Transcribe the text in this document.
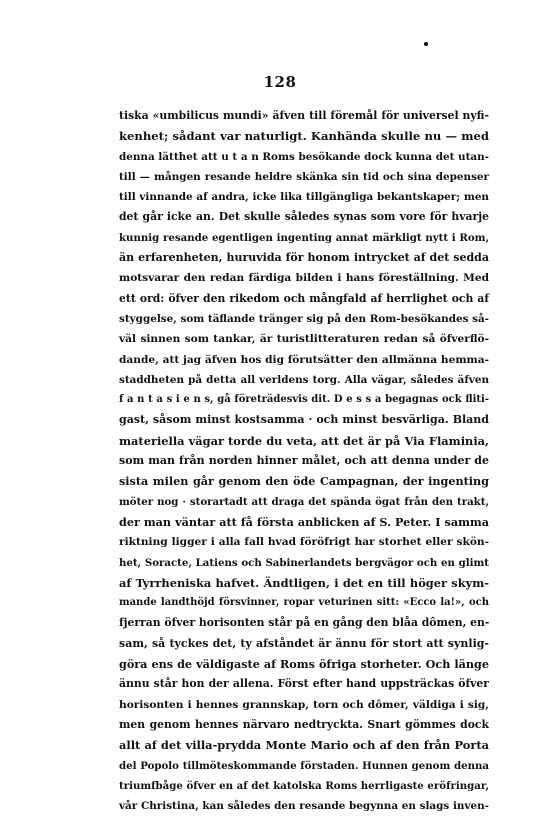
128
tiska «umbilicus mundi» äfven till föremål för universel nyfi-
kenhet; sådant var naturligt. Kanhända skulle nu — med
denna lätthet att u t a n Roms besökande dock kunna det utan-
till — mången resande heldre skänka sin tid och sina depenser
till vinnande af andra, icke lika tillgängliga bekantskaper; men
det går icke an. Det skulle således synas som vore för hvarje
kunnig resande egentligen ingenting annat märkligt nytt i Rom,
än erfarenheten, huruvida för honom intrycket af det sedda
motsvarar den redan färdiga bilden i hans föreställning. Med
ett ord: öfver den rikedom och mångfald af herrlighet och af
styggelse, som täflande tränger sig på den Rom-besökandes så-
väl sinnen som tankar, är turistlitteraturen redan så öfverflö-
dande, att jag äfven hos dig förutsätter den allmänna hemma-
staddheten på detta all verldens torg. Alla vägar, således äfven
f a n t a s i e n s, gå företrädesvis dit. D e s s a begagnas ock fliti-
gast, såsom minst kostsamma · och minst besvärliga. Bland
materiella vägar torde du veta, att det är på Via Flaminia,
som man från norden hinner målet, och att denna under de
sista milen går genom den öde Campagnan, der ingenting
möter nog · storartadt att draga det spända ögat från den trakt,
der man väntar att få första anblicken af S. Peter. I samma
riktning ligger i alla fall hvad föröfrigt har storhet eller skön-
het, Soracte, Latiens och Sabinerlandets bergvägor och en glimt
af Tyrrheniska hafvet. Ändtligen, i det en till höger skym-
mande landthöjd försvinner, ropar veturinen sitt: «Ecco la!», och
fjerran öfver horisonten står på en gång den blåa dômen, en-
sam, så tyckes det, ty afståndet är ännu för stort att synlig-
göra ens de väldigaste af Roms öfriga storheter. Och länge
ännu står hon der allena. Först efter hand uppsträckas öfver
horisonten i hennes grannskap, torn och dômer, väldiga i sig,
men genom hennes närvaro nedtryckta. Snart gömmes dock
allt af det villa-prydda Monte Mario och af den från Porta
del Popolo tillmöteskommande förstaden. Hunnen genom denna
triumfbåge öfver en af det katolska Roms herrligaste eröfringar,
vår Christina, kan således den resande begynna en slags inven-
